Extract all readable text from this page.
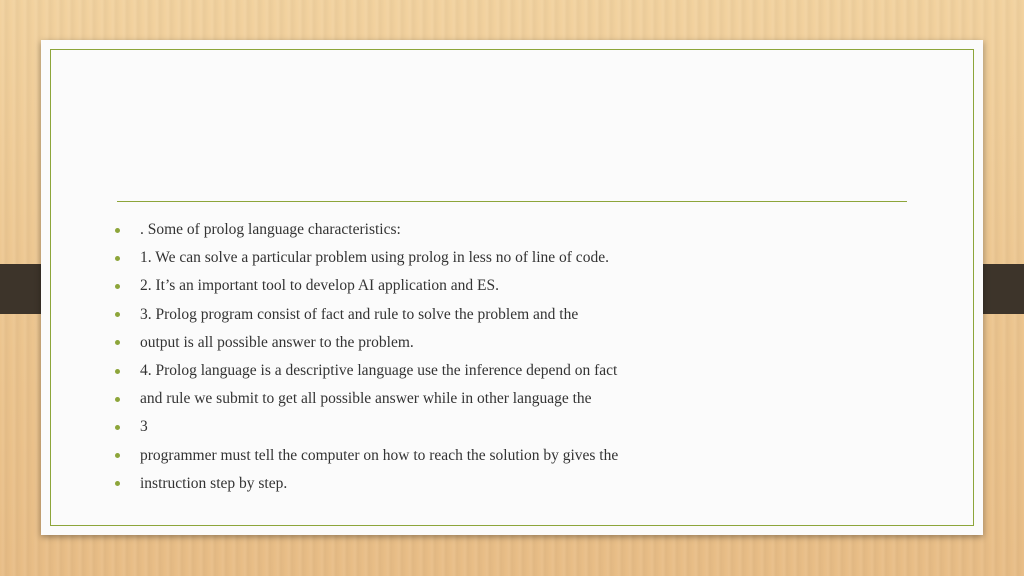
. Some of prolog language characteristics:
1. We can solve a particular problem using prolog in less no of line of code.
2. It’s an important tool to develop AI application and ES.
3. Prolog program consist of fact and rule to solve the problem and the
output is all possible answer to the problem.
4. Prolog language is a descriptive language use the inference depend on fact
and rule we submit to get all possible answer while in other language the
3
programmer must tell the computer on how to reach the solution by gives the
instruction step by step.
